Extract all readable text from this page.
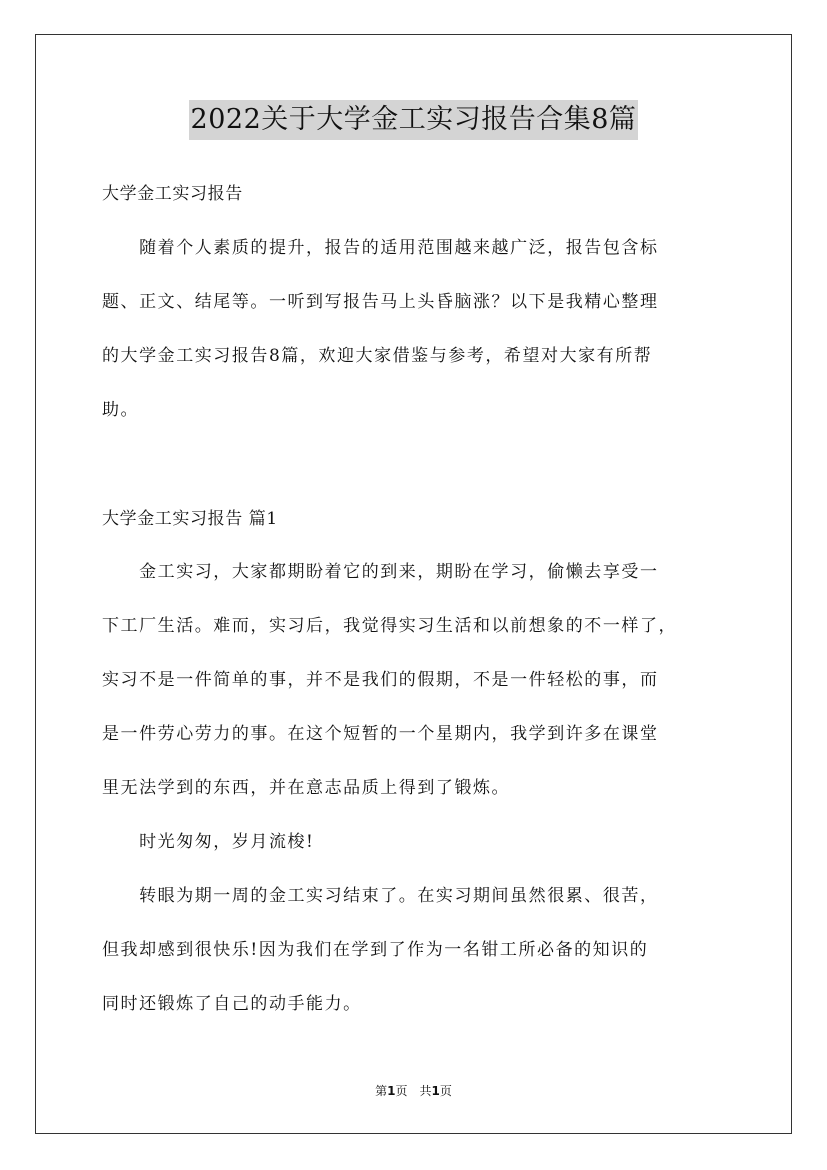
2022关于大学金工实习报告合集8篇
大学金工实习报告
　　随着个人素质的提升，报告的适用范围越来越广泛，报告包含标
题、正文、结尾等。一听到写报告马上头昏脑涨？以下是我精心整理
的大学金工实习报告8篇，欢迎大家借鉴与参考，希望对大家有所帮
助。
大学金工实习报告 篇1
　　金工实习，大家都期盼着它的到来，期盼在学习，偷懒去享受一
下工厂生活。难而，实习后，我觉得实习生活和以前想象的不一样了，
实习不是一件简单的事，并不是我们的假期，不是一件轻松的事，而
是一件劳心劳力的事。在这个短暂的一个星期内，我学到许多在课堂
里无法学到的东西，并在意志品质上得到了锻炼。
　　时光匆匆，岁月流梭!
　　转眼为期一周的金工实习结束了。在实习期间虽然很累、很苦，
但我却感到很快乐!因为我们在学到了作为一名钳工所必备的知识的
同时还锻炼了自己的动手能力。
第1页　共1页
